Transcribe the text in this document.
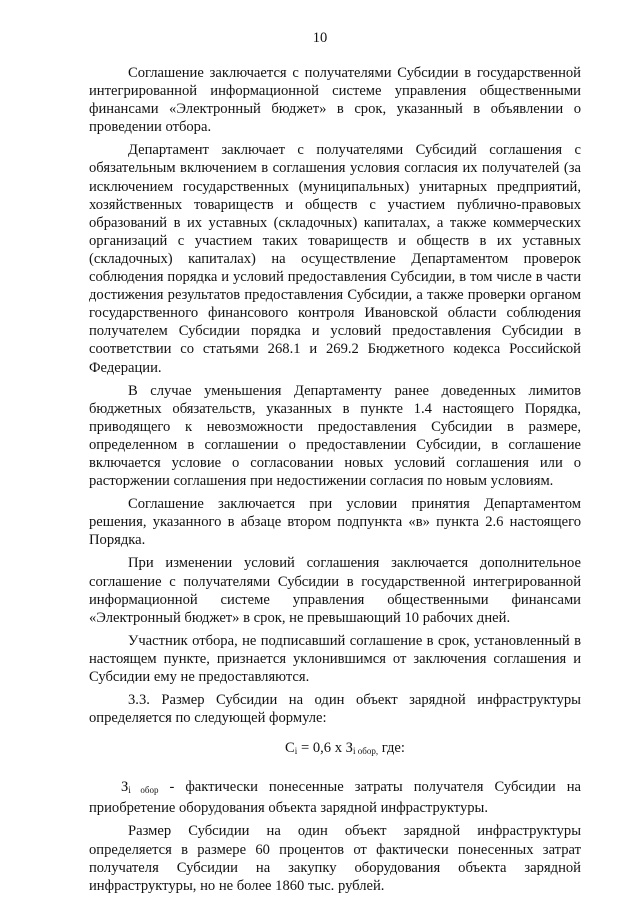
10

Соглашение заключается с получателями Субсидии в государственной интегрированной информационной системе управления общественными финансами «Электронный бюджет» в срок, указанный в объявлении о проведении отбора.

Департамент заключает с получателями Субсидий соглашения с обязательным включением в соглашения условия согласия их получателей (за исключением государственных (муниципальных) унитарных предприятий, хозяйственных товариществ и обществ с участием публично-правовых образований в их уставных (складочных) капиталах, а также коммерческих организаций с участием таких товариществ и обществ в их уставных (складочных) капиталах) на осуществление Департаментом проверок соблюдения порядка и условий предоставления Субсидии, в том числе в части достижения результатов предоставления Субсидии, а также проверки органом государственного финансового контроля Ивановской области соблюдения получателем Субсидии порядка и условий предоставления Субсидии в соответствии со статьями 268.1 и 269.2 Бюджетного кодекса Российской Федерации.

В случае уменьшения Департаменту ранее доведенных лимитов бюджетных обязательств, указанных в пункте 1.4 настоящего Порядка, приводящего к невозможности предоставления Субсидии в размере, определенном в соглашении о предоставлении Субсидии, в соглашение включается условие о согласовании новых условий соглашения или о расторжении соглашения при недостижении согласия по новым условиям.

Соглашение заключается при условии принятия Департаментом решения, указанного в абзаце втором подпункта «в» пункта 2.6 настоящего Порядка.

При изменении условий соглашения заключается дополнительное соглашение с получателями Субсидии в государственной интегрированной информационной системе управления общественными финансами «Электронный бюджет» в срок, не превышающий 10 рабочих дней.

Участник отбора, не подписавший соглашение в срок, установленный в настоящем пункте, признается уклонившимся от заключения соглашения и Субсидии ему не предоставляются.

3.3. Размер Субсидии на один объект зарядной инфраструктуры определяется по следующей формуле:

$C_i = 0,6$ x $З_{i обор,}$ где:

$З_{i обор}$ - фактически понесенные затраты получателя Субсидии на приобретение оборудования объекта зарядной инфраструктуры.

Размер Субсидии на один объект зарядной инфраструктуры определяется в размере 60 процентов от фактически понесенных затрат получателя Субсидии на закупку оборудования объекта зарядной инфраструктуры, но не более 1860 тыс. рублей.
